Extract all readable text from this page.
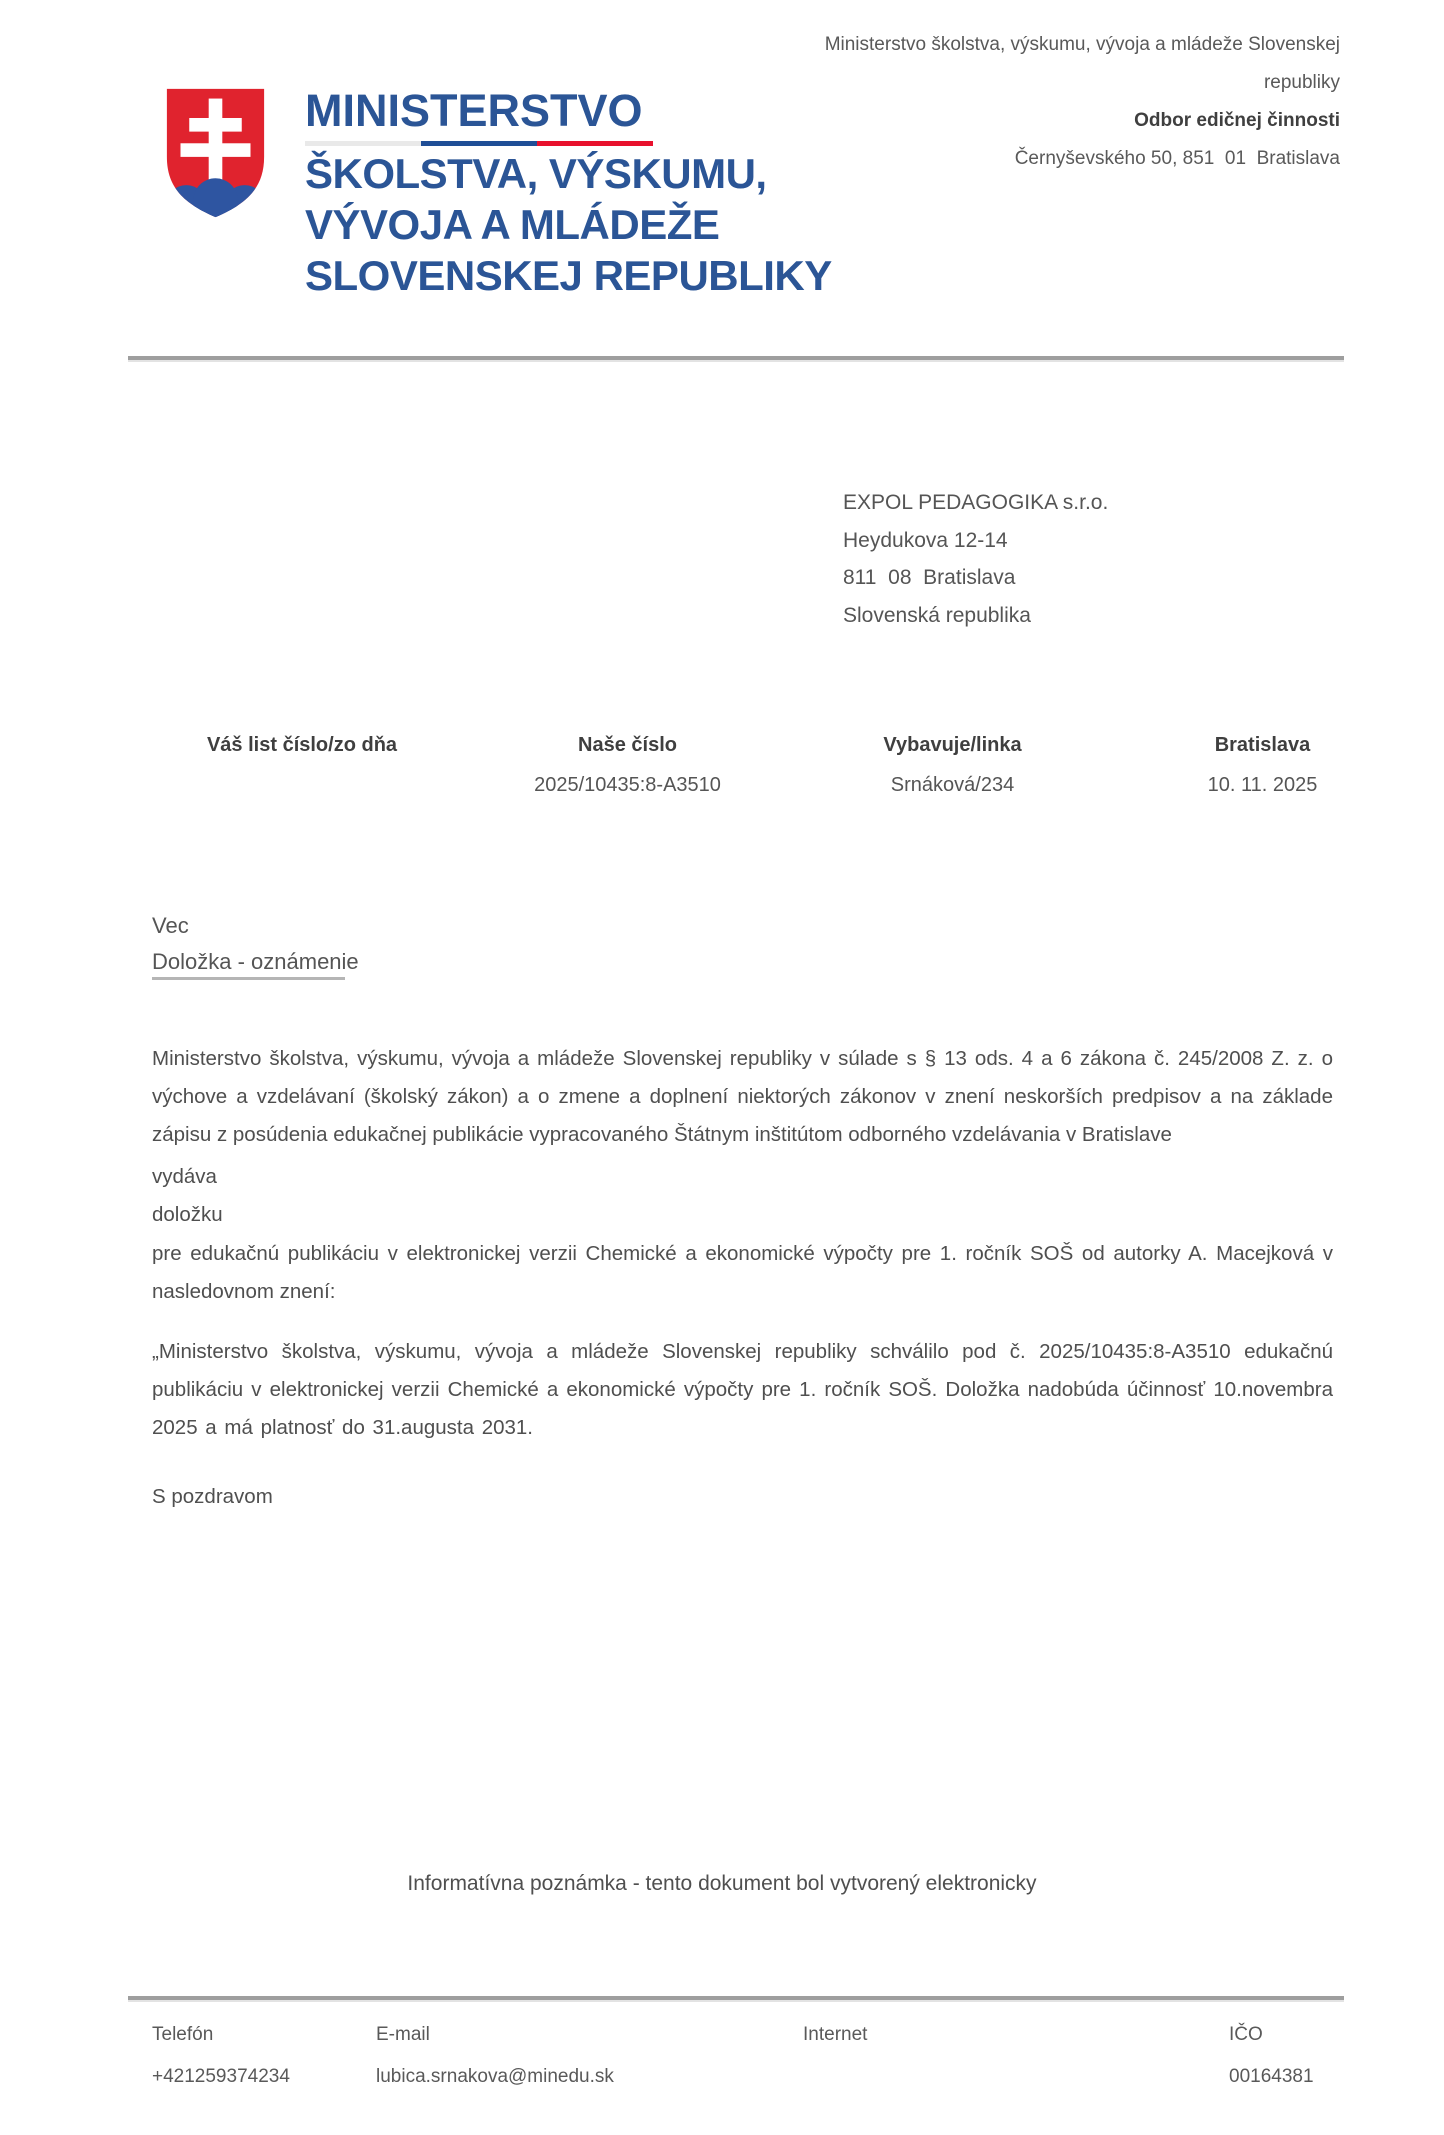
Ministerstvo školstva, výskumu, vývoja a mládeže Slovenskej
republiky
Odbor edičnej činnosti
Černyševského 50, 851  01  Bratislava
MINISTERSTVO
ŠKOLSTVA, VÝSKUMU,
VÝVOJA A MLÁDEŽE
SLOVENSKEJ REPUBLIKY
EXPOL PEDAGOGIKA s.r.o.
Heydukova 12-14
811  08  Bratislava
Slovenská republika
Váš list číslo/zo dňa	Naše číslo
2025/10435:8-A3510
Vybavuje/linka
Srnáková/234
Bratislava
10. 11. 2025
Vec
Doložka - oznámenie
Ministerstvo školstva, výskumu, vývoja a mládeže Slovenskej republiky v súlade s § 13 ods. 4 a 6 zákona č. 245/2008 Z. z. o výchove a vzdelávaní (školský zákon) a o zmene a doplnení niektorých zákonov v znení neskorších predpisov a na základe zápisu z posúdenia edukačnej publikácie vypracovaného Štátnym inštitútom odborného vzdelávania v Bratislave
vydáva
doložku
pre edukačnú publikáciu v elektronickej verzii Chemické a ekonomické výpočty pre 1. ročník SOŠ od autorky A. Macejková v nasledovnom znení:
„Ministerstvo školstva, výskumu, vývoja a mládeže Slovenskej republiky schválilo pod č. 2025/10435:8-A3510 edukačnú publikáciu v elektronickej verzii Chemické a ekonomické výpočty pre 1. ročník SOŠ. Doložka nadobúda účinnosť 10.novembra 2025 a má platnosť do 31.augusta 2031.
S pozdravom
Informatívna poznámka - tento dokument bol vytvorený elektronicky
Telefón
+421259374234
E-mail
lubica.srnakova@minedu.sk
Internet	IČO
00164381
